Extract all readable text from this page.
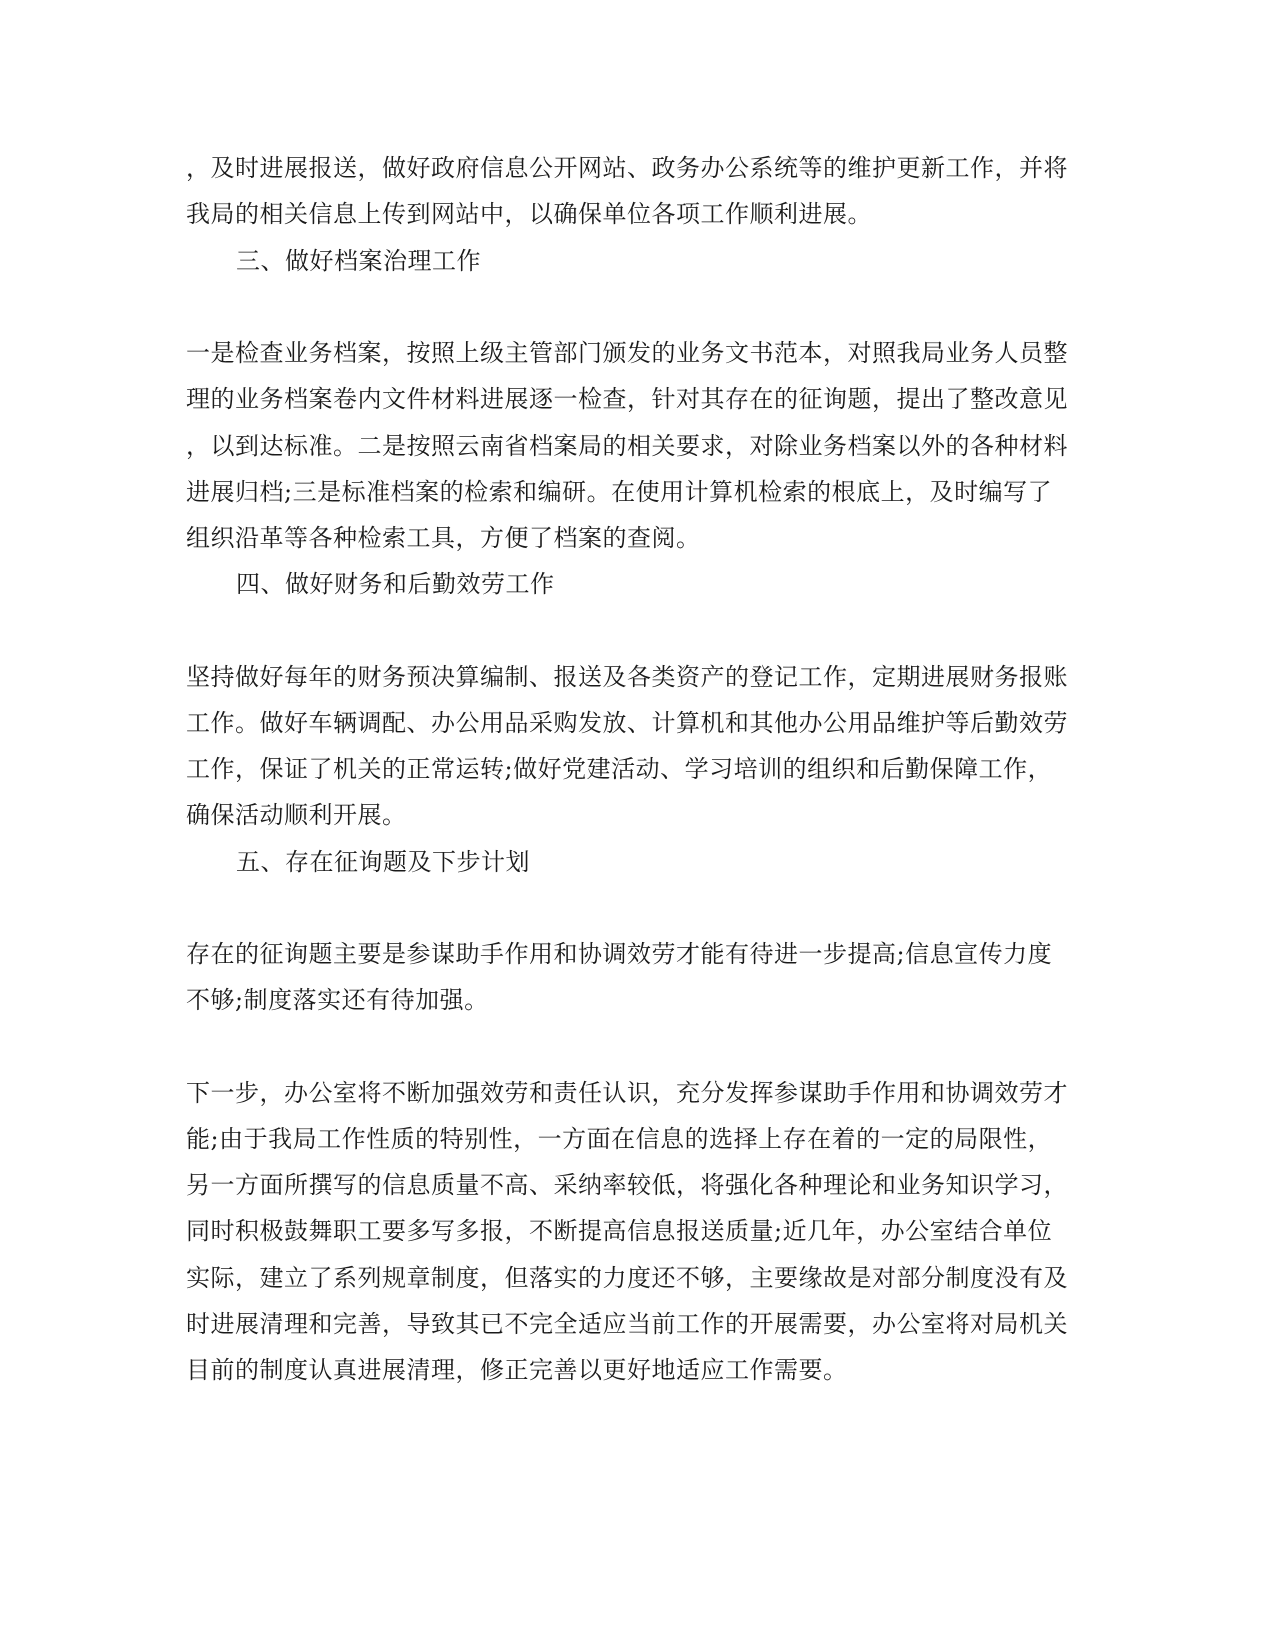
，及时进展报送，做好政府信息公开网站、政务办公系统等的维护更新工作，并将
我局的相关信息上传到网站中，以确保单位各项工作顺利进展。
三、做好档案治理工作
一是检查业务档案，按照上级主管部门颁发的业务文书范本，对照我局业务人员整
理的业务档案卷内文件材料进展逐一检查，针对其存在的征询题，提出了整改意见
，以到达标准。二是按照云南省档案局的相关要求，对除业务档案以外的各种材料
进展归档;三是标准档案的检索和编研。在使用计算机检索的根底上，及时编写了
组织沿革等各种检索工具，方便了档案的查阅。
四、做好财务和后勤效劳工作
坚持做好每年的财务预决算编制、报送及各类资产的登记工作，定期进展财务报账
工作。做好车辆调配、办公用品采购发放、计算机和其他办公用品维护等后勤效劳
工作，保证了机关的正常运转;做好党建活动、学习培训的组织和后勤保障工作，
确保活动顺利开展。
五、存在征询题及下步计划
存在的征询题主要是参谋助手作用和协调效劳才能有待进一步提高;信息宣传力度
不够;制度落实还有待加强。
下一步，办公室将不断加强效劳和责任认识，充分发挥参谋助手作用和协调效劳才
能;由于我局工作性质的特别性，一方面在信息的选择上存在着的一定的局限性，
另一方面所撰写的信息质量不高、采纳率较低，将强化各种理论和业务知识学习，
同时积极鼓舞职工要多写多报，不断提高信息报送质量;近几年，办公室结合单位
实际，建立了系列规章制度，但落实的力度还不够，主要缘故是对部分制度没有及
时进展清理和完善，导致其已不完全适应当前工作的开展需要，办公室将对局机关
目前的制度认真进展清理，修正完善以更好地适应工作需要。
